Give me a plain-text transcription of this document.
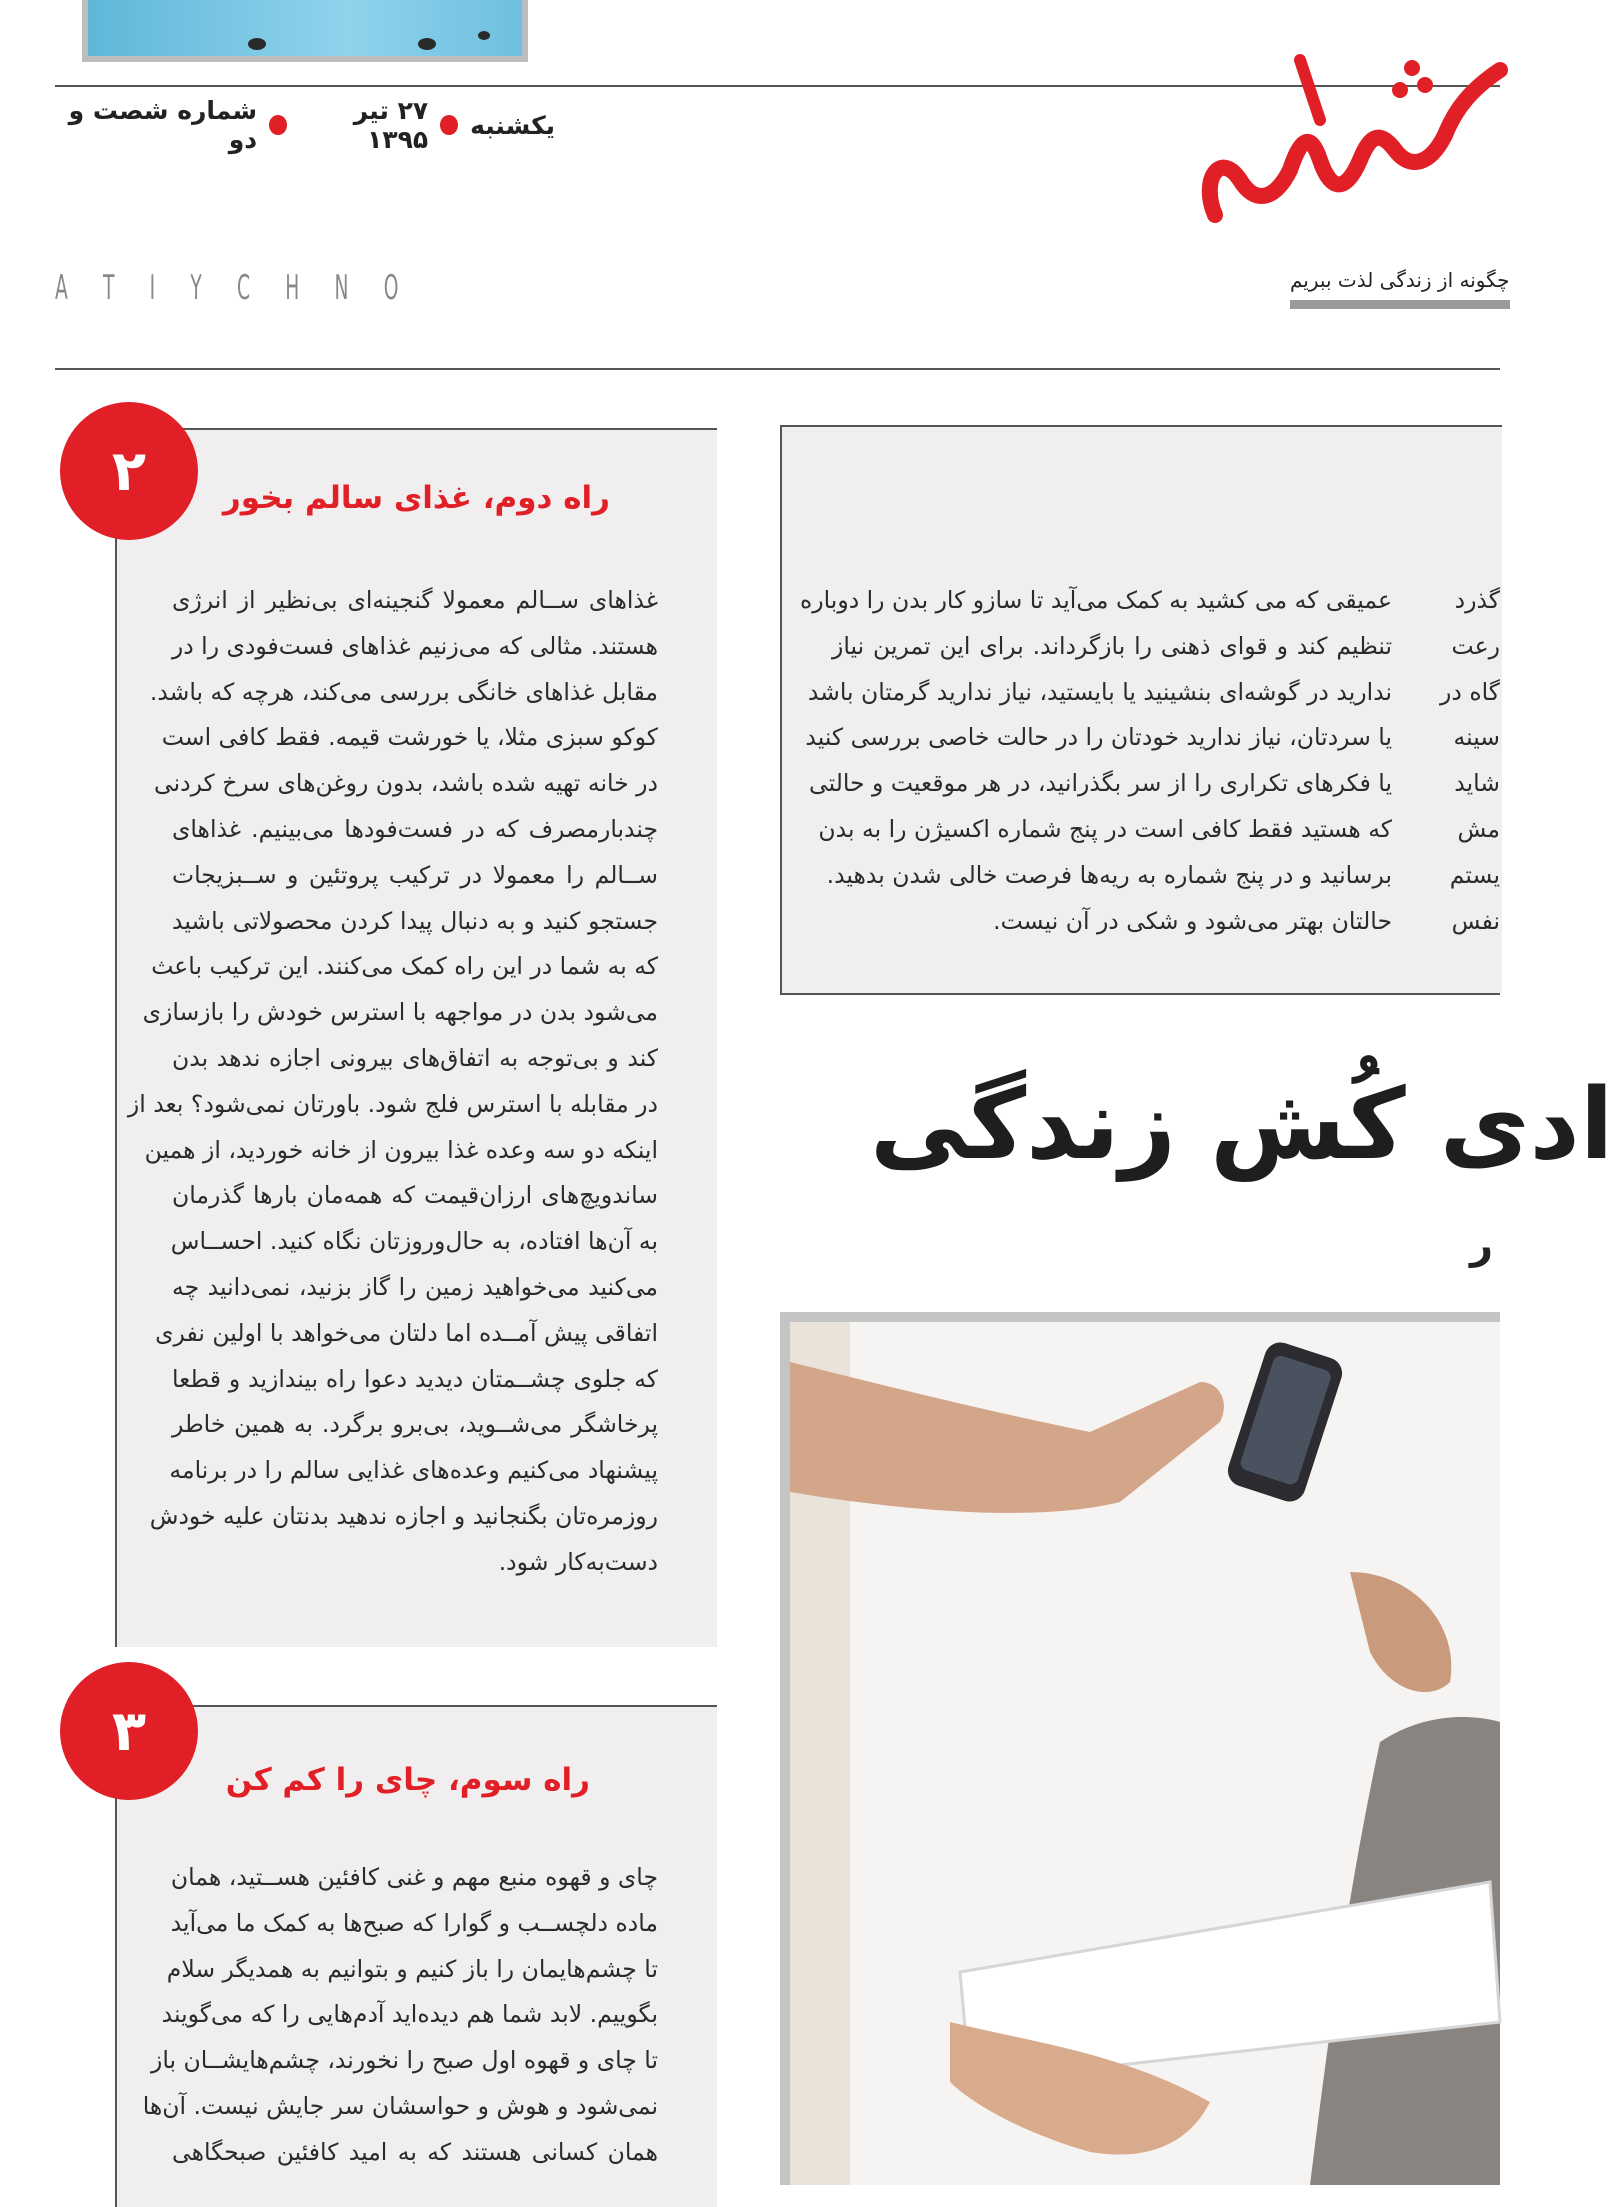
یکشنبه
۲۷ تیر ۱۳۹۵
شماره شصت و دو
چگونه از زندگی لذت ببریم
A T I Y C H N O
۲	راه دوم، غذای سالم بخور
غذاهای ســالم معمولا گنجینه‌ای بی‌نظیر از انرژی
هستند. مثالی که می‌زنیم غذاهای فست‌فودی را در
مقابل غذاهای خانگی بررسی می‌کند، هرچه که باشد.
کوکو سبزی مثلا، یا خورشت قیمه. فقط کافی است
در خانه تهیه شده باشد، بدون روغن‌های سرخ کردنی
چندبارمصرف که در فست‌فودها می‌بینیم. غذاهای
ســالم را معمولا در ترکیب پروتئین و ســبزیجات
جستجو کنید و به دنبال پیدا کردن محصولاتی باشید
که به شما در این راه کمک می‌کنند. این ترکیب باعث
می‌شود بدن در مواجهه با استرس خودش را بازسازی
کند و بی‌توجه به اتفاق‌های بیرونی اجازه ندهد بدن
در مقابله با استرس فلج شود. باورتان نمی‌شود؟ بعد از
اینکه دو سه وعده غذا بیرون از خانه خوردید، از همین
ساندویچ‌های ارزان‌قیمت که همه‌مان بارها گذرمان
به آن‌ها افتاده، به حال‌وروزتان نگاه کنید. احســاس
می‌کنید می‌خواهید زمین را گاز بزنید، نمی‌دانید چه
اتفاقی پیش آمــده اما دلتان می‌خواهد با اولین نفری
که جلوی چشــمتان دیدید دعوا راه بیندازید و قطعا
پرخاشگر می‌شــوید، بی‌برو برگرد. به همین خاطر
پیشنهاد می‌کنیم وعده‌های غذایی سالم را در برنامه
روزمره‌تان بگنجانید و اجازه ندهید بدنتان علیه خودش
دست‌به‌کار شود.
۳
راه سوم، چای را کم کن
چای و قهوه منبع مهم و غنی کافئین هســتید، همان
ماده دلچســب و گوارا که صبح‌ها به کمک ما می‌آید
تا چشم‌هایمان را باز کنیم و بتوانیم به همدیگر سلام
بگوییم. لابد شما هم دیده‌اید آدم‌هایی را که می‌گویند
تا چای و قهوه اول صبح را نخورند، چشم‌هایشــان باز
نمی‌شود و هوش و حواسشان سر جایش نیست. آن‌ها
همان کسانی هستند که به امید کافئین صبحگاهی
عمیقی که می کشید به کمک می‌آید تا سازو کار بدن را دوباره
تنظیم کند و قوای ذهنی را بازگرداند. برای این تمرین نیاز
ندارید در گوشه‌ای بنشینید یا بایستید، نیاز ندارید گرمتان باشد
یا سردتان، نیاز ندارید خودتان را در حالت خاصی بررسی کنید
یا فکرهای تکراری را از سر بگذرانید، در هر موقعیت و حالتی
که هستید فقط کافی است در پنج شماره اکسیژن را به بدن
برسانید و در پنج شماره به ریه‌ها فرصت خالی شدن بدهید.
حالتان بهتر می‌شود و شکی در آن نیست.
گذرد
رعت
گاه در
سینه
شاید
مش
یستم
نفس
ادی کُش زندگی
ر
